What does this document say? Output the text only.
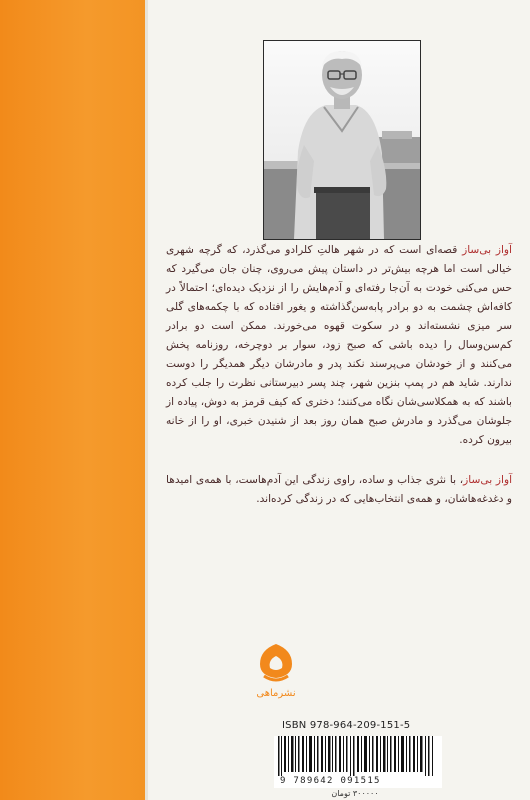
آواز بی‌ساز قصه‌ای است که در شهر هالتِ کلرادو می‌گذرد، که گرچه شهری خیالی است اما هرچه بیش‌تر در داستان پیش می‌روی، چنان جان می‌گیرد که حس می‌کنی خودت به آن‌جا رفته‌ای و آدم‌هایش را از نزدیک دیده‌ای؛ احتمالاً در کافه‌اش چشمت به دو برادر پابه‌سن‌گذاشته و یغور افتاده که با چکمه‌های گلی سر میزی نشسته‌اند و در سکوت قهوه می‌خورند. ممکن است دو برادر کم‌سن‌وسال را دیده باشی که صبح زود، سوار بر دوچرخه، روزنامه پخش می‌کنند و از خودشان می‌پرسند نکند پدر و مادرشان دیگر همدیگر را دوست ندارند. شاید هم در پمپ بنزین شهر، چند پسر دبیرستانی نظرت را جلب کرده باشند که به همکلاسی‌شان نگاه می‌کنند؛ دختری که کیف قرمز به دوش، پیاده از جلوشان می‌گذرد و مادرش صبح همان روز بعد از شنیدن خبری، او را از خانه بیرون کرده.

آواز بی‌ساز، با نثری جذاب و ساده، راوی زندگی این آدم‌هاست، با همه‌ی امیدها و دغدغه‌هاشان، و همه‌ی انتخاب‌هایی که در زندگی کرده‌اند.

نشرماهی
ISBN 978-964-209-151-5
9 789642 091515
۳۰۰۰۰۰ تومان
